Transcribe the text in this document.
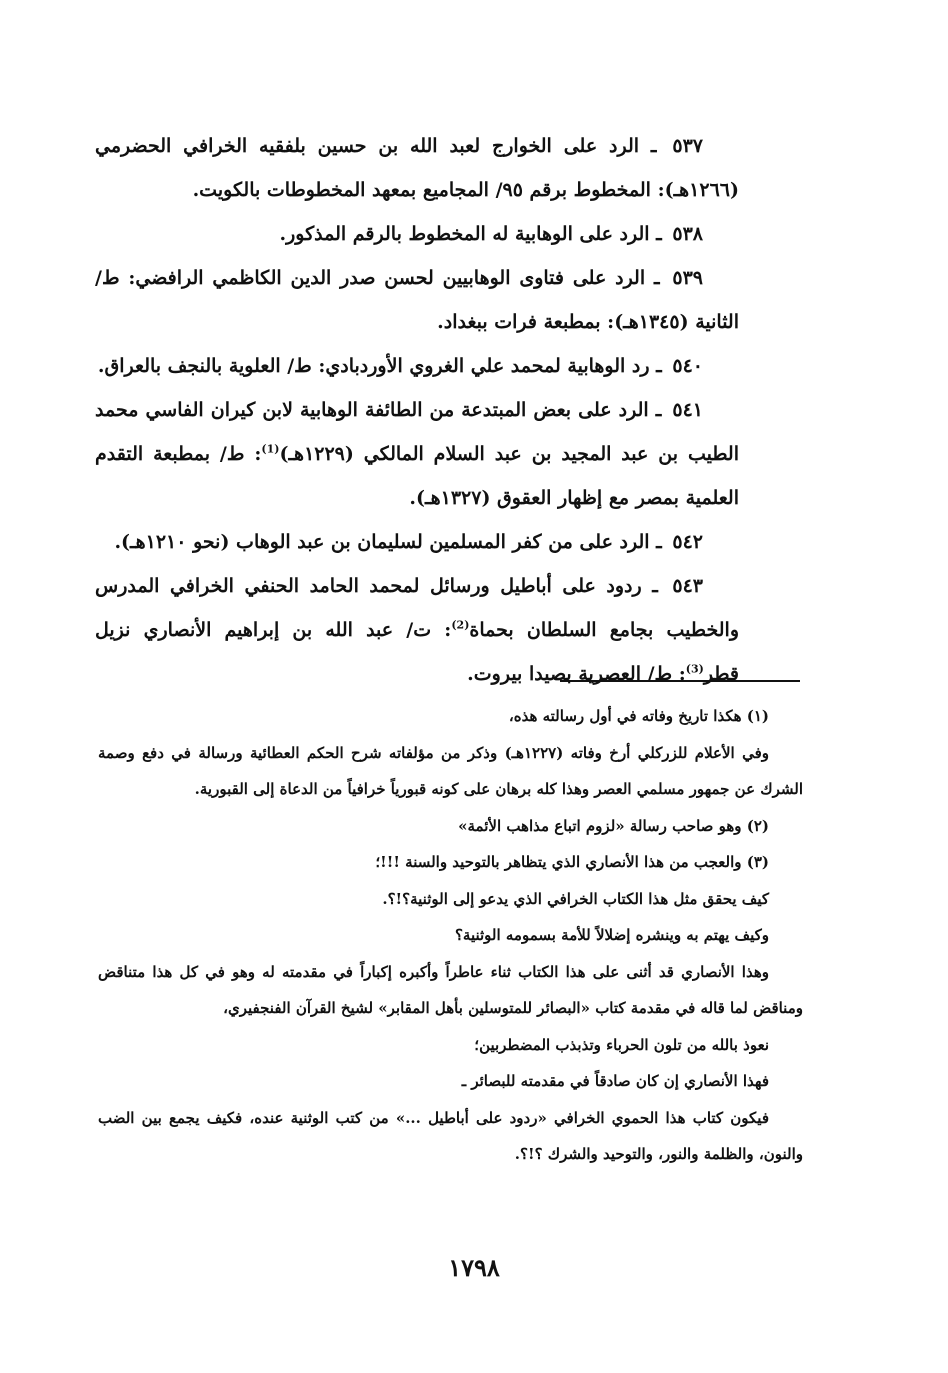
٥٣٧ ـ الرد على الخوارج لعبد الله بن حسين بلفقيه الخرافي الحضرمي (١٢٦٦هـ): المخطوط برقم ٩٥/ المجاميع بمعهد المخطوطات بالكويت.

٥٣٨ ـ الرد على الوهابية له المخطوط بالرقم المذكور.

٥٣٩ ـ الرد على فتاوى الوهابيين لحسن صدر الدين الكاظمي الرافضي: ط/ الثانية (١٣٤٥هـ): بمطبعة فرات ببغداد.

٥٤٠ ـ رد الوهابية لمحمد علي الغروي الأوردبادي: ط/ العلوية بالنجف بالعراق.

٥٤١ ـ الرد على بعض المبتدعة من الطائفة الوهابية لابن كيران الفاسي محمد الطيب بن عبد المجيد بن عبد السلام المالكي (١٢٢٩هـ)$^{(1)}$: ط/ بمطبعة التقدم العلمية بمصر مع إظهار العقوق (١٣٢٧هـ).

٥٤٢ ـ الرد على من كفر المسلمين لسليمان بن عبد الوهاب (نحو ١٢١٠هـ).

٥٤٣ ـ ردود على أباطيل ورسائل لمحمد الحامد الحنفي الخرافي المدرس والخطيب بجامع السلطان بحماة$^{(2)}$: ت/ عبد الله بن إبراهيم الأنصاري نزيل قطر$^{(3)}$: ط/ العصرية بصيدا بيروت.

(١) هكذا تاريخ وفاته في أول رسالته هذه،

وفي الأعلام للزركلي أرخ وفاته (١٢٢٧هـ) وذكر من مؤلفاته شرح الحكم العطائية ورسالة في دفع وصمة الشرك عن جمهور مسلمي العصر وهذا كله برهان على كونه قبورياً خرافياً من الدعاة إلى القبورية.

(٢) وهو صاحب رسالة «لزوم اتباع مذاهب الأئمة»

(٣) والعجب من هذا الأنصاري الذي يتظاهر بالتوحيد والسنة !!!؛

كيف يحقق مثل هذا الكتاب الخرافي الذي يدعو إلى الوثنية؟!؟.

وكيف يهتم به وينشره إضلالاً للأمة بسمومه الوثنية؟

وهذا الأنصاري قد أثنى على هذا الكتاب ثناء عاطراً وأكبره إكباراً في مقدمته له وهو في كل هذا متناقض ومناقض لما قاله في مقدمة كتاب «البصائر للمتوسلين بأهل المقابر» لشيخ القرآن الفنجفيري،

نعوذ بالله من تلون الحرباء وتذبذب المضطربين؛

فهذا الأنصاري إن كان صادقاً في مقدمته للبصائر ـ

فيكون كتاب هذا الحموي الخرافي «ردود على أباطيل ...» من كتب الوثنية عنده، فكيف يجمع بين الضب والنون، والظلمة والنور، والتوحيد والشرك ؟!؟.

١٧٩٨
